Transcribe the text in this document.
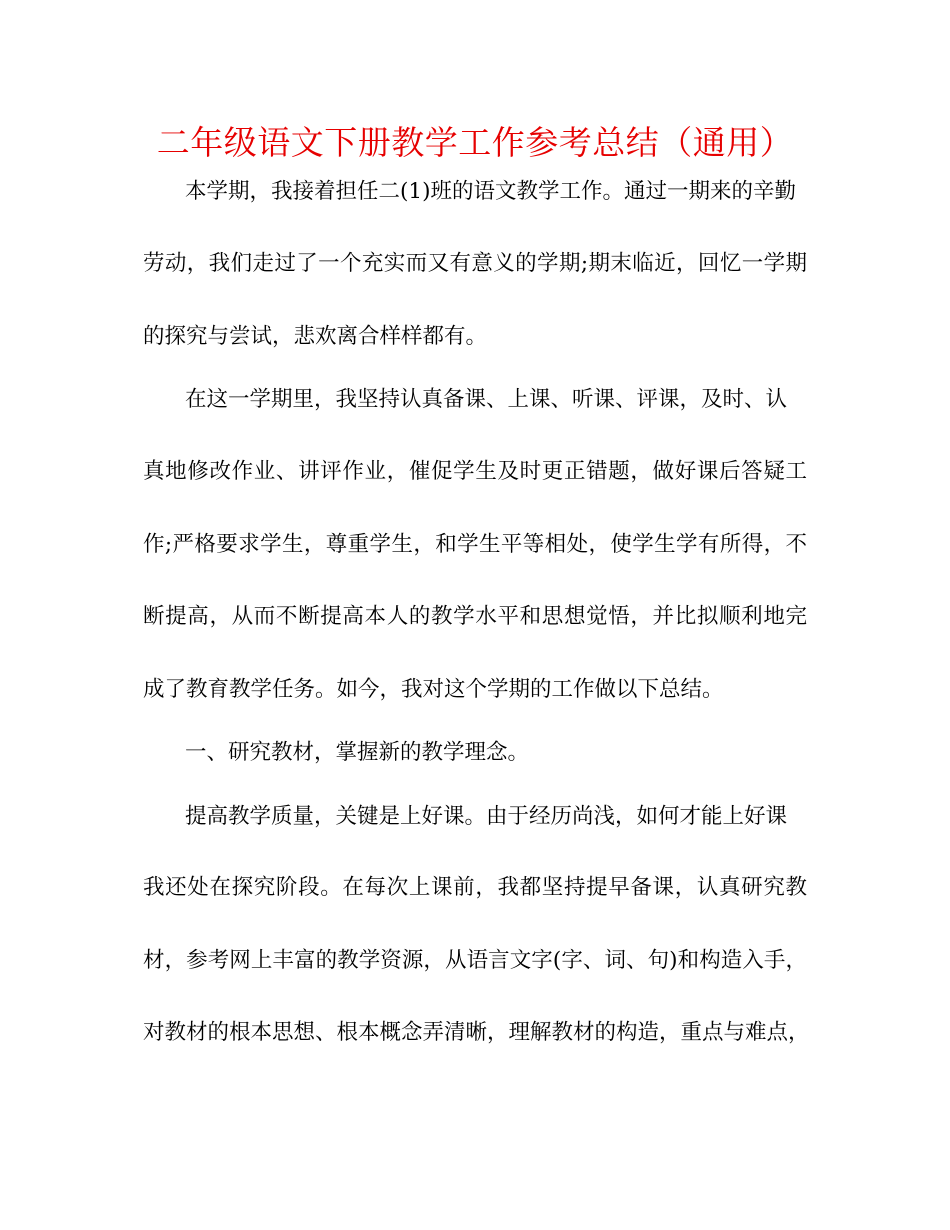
二年级语文下册教学工作参考总结（通用）
本学期，我接着担任二(1)班的语文教学工作。通过一期来的辛勤
劳动，我们走过了一个充实而又有意义的学期;期末临近，回忆一学期
的探究与尝试，悲欢离合样样都有。
在这一学期里，我坚持认真备课、上课、听课、评课，及时、认
真地修改作业、讲评作业，催促学生及时更正错题，做好课后答疑工
作;严格要求学生，尊重学生，和学生平等相处，使学生学有所得，不
断提高，从而不断提高本人的教学水平和思想觉悟，并比拟顺利地完
成了教育教学任务。如今，我对这个学期的工作做以下总结。
一、研究教材，掌握新的教学理念。
提高教学质量，关键是上好课。由于经历尚浅，如何才能上好课
我还处在探究阶段。在每次上课前，我都坚持提早备课，认真研究教
材，参考网上丰富的教学资源，从语言文字(字、词、句)和构造入手，
对教材的根本思想、根本概念弄清晰，理解教材的构造，重点与难点，
